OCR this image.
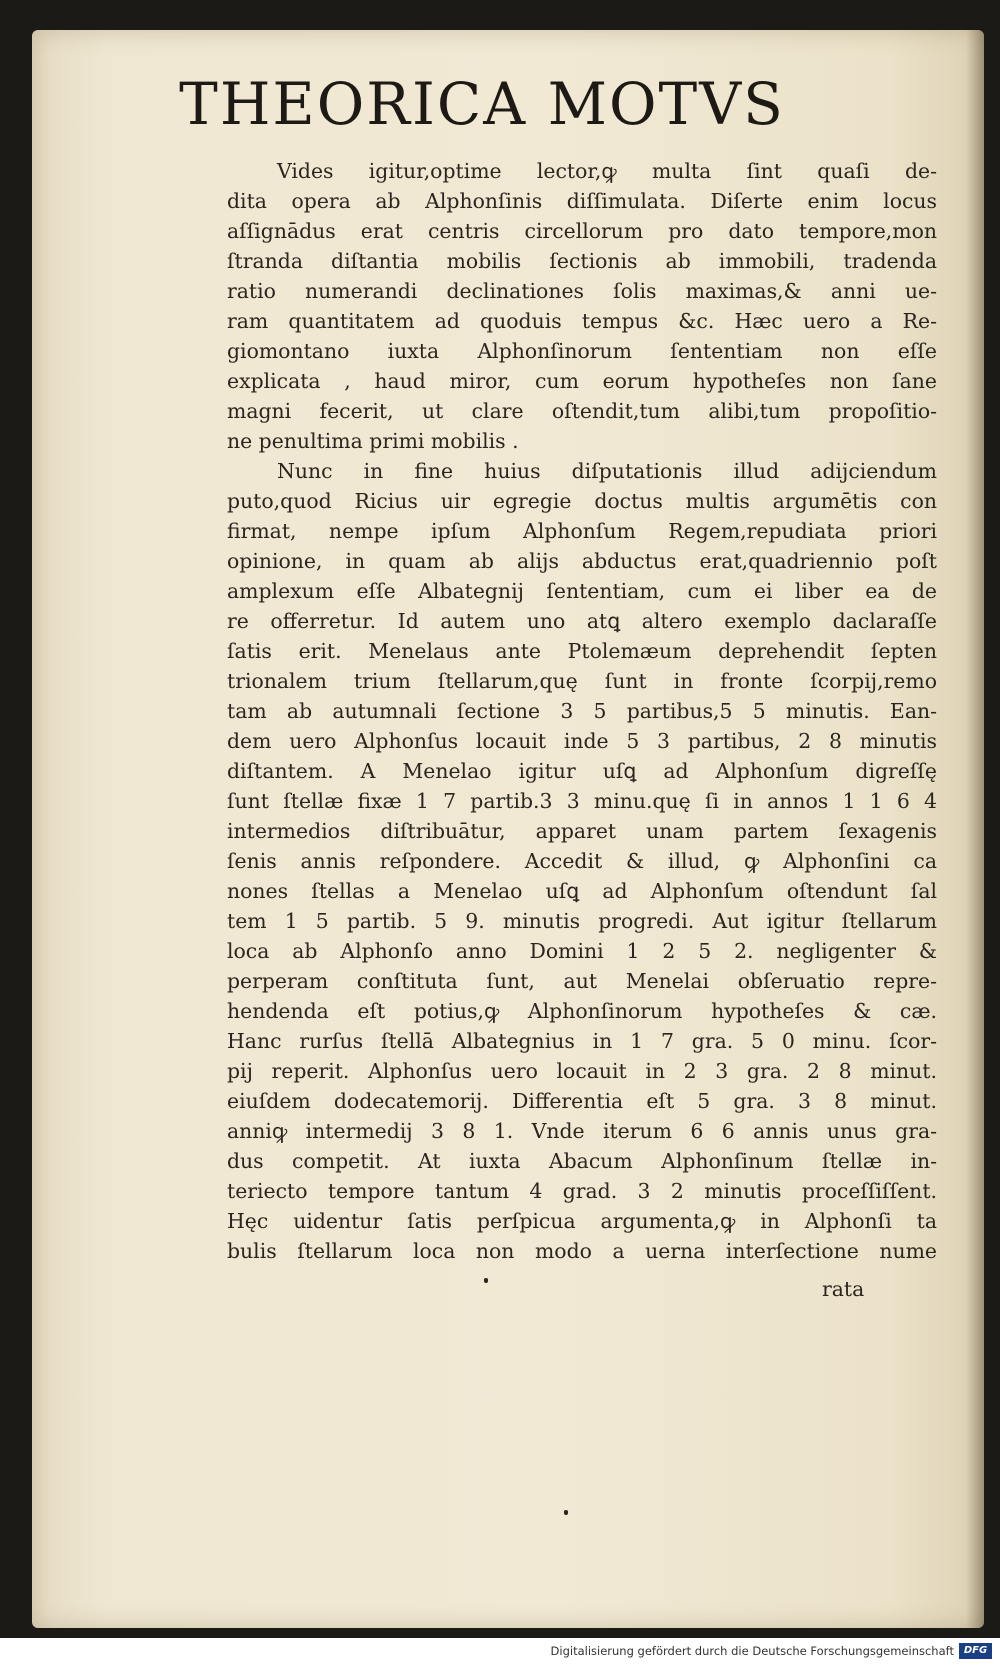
THEORICA MOTVS
Vides igitur,optime lector,ꝙ multa ſint quaſi de-
dita opera ab Alphonſinis diſſimulata. Diſerte enim locus
aſſignādus erat centris circellorum pro dato tempore,mon
ſtranda diſtantia mobilis ſectionis ab immobili, tradenda
ratio numerandi declinationes ſolis maximas,& anni ue-
ram quantitatem ad quoduis tempus &c. Hæc uero a Re-
giomontano iuxta Alphonſinorum ſententiam non eſſe
explicata , haud miror, cum eorum hypotheſes non ſane
magni fecerit, ut clare oſtendit,tum alibi,tum propoſitio-
ne penultima primi mobilis .
Nunc in fine huius diſputationis illud adijciendum
puto,quod Ricius uir egregie doctus multis argumētis con
firmat, nempe ipſum Alphonſum Regem,repudiata priori
opinione, in quam ab alijs abductus erat,quadriennio poſt
amplexum eſſe Albategnij ſententiam, cum ei liber ea de
re offerretur. Id autem uno atꝗ altero exemplo daclaraſſe
ſatis erit. Menelaus ante Ptolemæum deprehendit ſepten
trionalem trium ſtellarum,quę ſunt in fronte ſcorpij,remo
tam ab autumnali ſectione 3 5 partibus,5 5 minutis. Ean-
dem uero Alphonſus locauit inde 5 3 partibus, 2 8 minutis
diſtantem. A Menelao igitur uſꝗ ad Alphonſum digreſſę
ſunt ſtellæ fixæ 1 7 partib.3 3 minu.quę ſi in annos 1 1 6 4
intermedios diſtribuātur, apparet unam partem ſexagenis
ſenis annis reſpondere. Accedit & illud, ꝙ Alphonſini ca
nones ſtellas a Menelao uſꝗ ad Alphonſum oſtendunt ſal
tem 1 5 partib. 5 9. minutis progredi. Aut igitur ſtellarum
loca ab Alphonſo anno Domini 1 2 5 2. negligenter &
perperam conſtituta ſunt, aut Menelai obſeruatio repre-
hendenda eſt potius,ꝙ Alphonſinorum hypotheſes & cæ.
Hanc rurſus ſtellā Albategnius in 1 7 gra. 5 0 minu. ſcor-
pij reperit. Alphonſus uero locauit in 2 3 gra. 2 8 minut.
eiuſdem dodecatemorij. Differentia eſt 5 gra. 3 8 minut.
anniꝙ intermedij 3 8 1. Vnde iterum 6 6 annis unus gra-
dus competit. At iuxta Abacum Alphonſinum ſtellæ in-
teriecto tempore tantum 4 grad. 3 2 minutis proceſſiſſent.
Hęc uidentur ſatis perſpicua argumenta,ꝙ in Alphonſi ta
bulis ſtellarum loca non modo a uerna interſectione nume
rata
Digitalisierung gefördert durch die Deutsche Forschungsgemeinschaft DFG
